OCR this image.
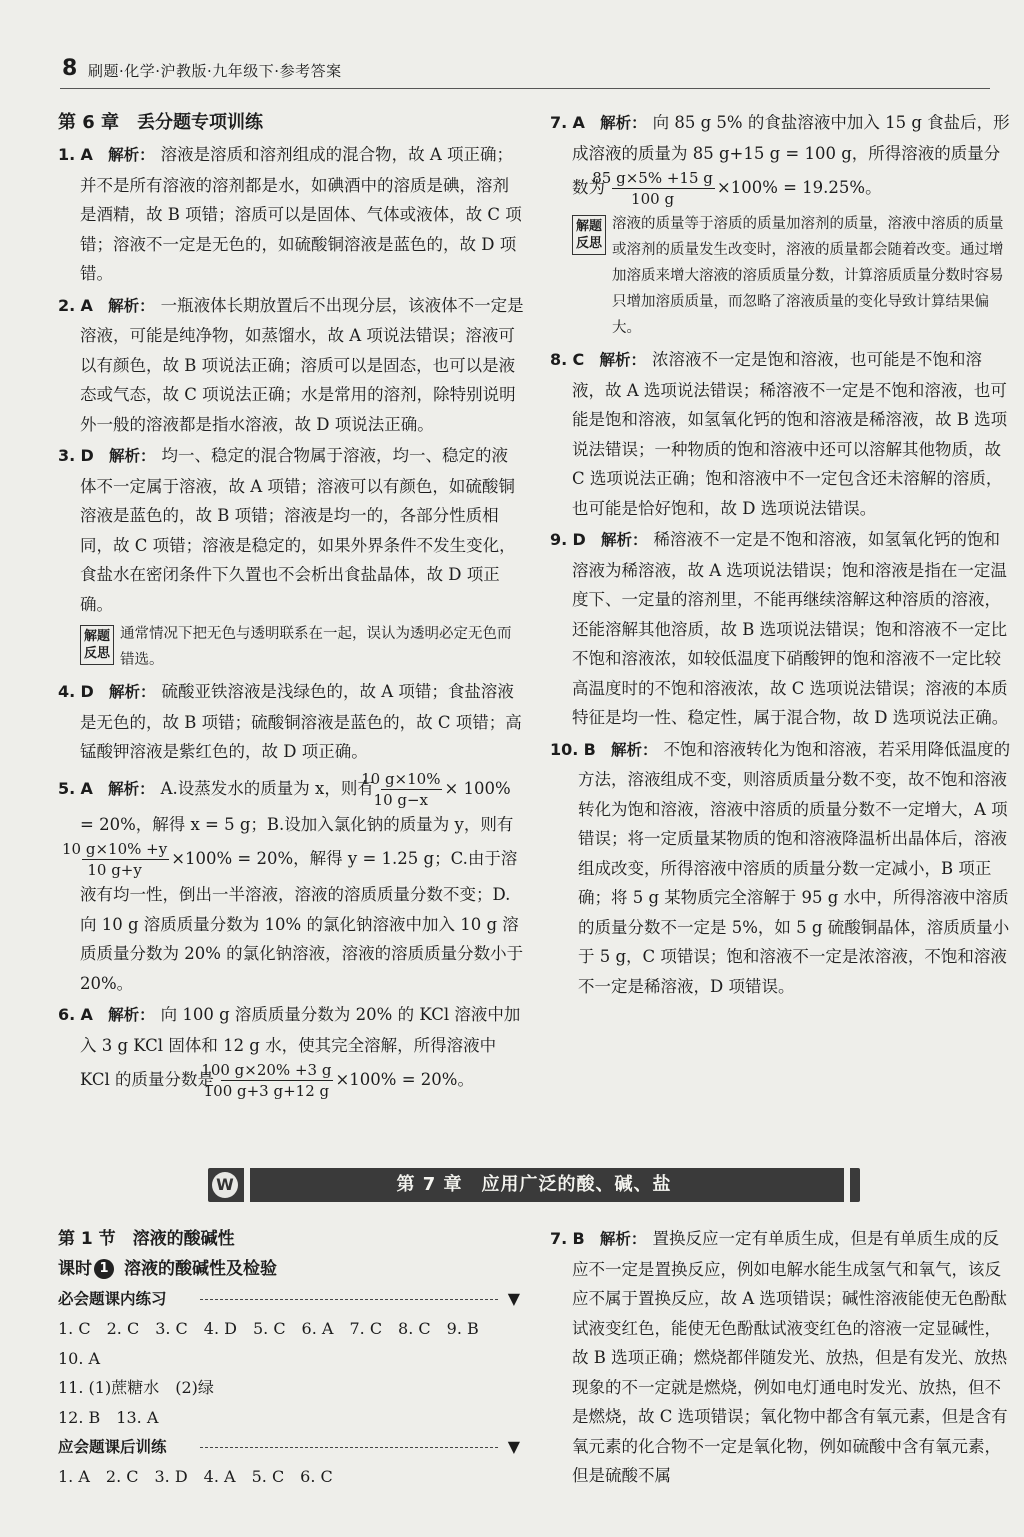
8 刷题·化学·沪教版·九年级下·参考答案
第 6 章　丢分题专项训练
1. A 解析： 溶液是溶质和溶剂组成的混合物，故 A 项正确；并不是所有溶液的溶剂都是水，如碘酒中的溶质是碘，溶剂是酒精，故 B 项错；溶质可以是固体、气体或液体，故 C 项错；溶液不一定是无色的，如硫酸铜溶液是蓝色的，故 D 项错。
2. A 解析： 一瓶液体长期放置后不出现分层，该液体不一定是溶液，可能是纯净物，如蒸馏水，故 A 项说法错误；溶液可以有颜色，故 B 项说法正确；溶质可以是固态，也可以是液态或气态，故 C 项说法正确；水是常用的溶剂，除特别说明外一般的溶液都是指水溶液，故 D 项说法正确。
3. D 解析： 均一、稳定的混合物属于溶液，均一、稳定的液体不一定属于溶液，故 A 项错；溶液可以有颜色，如硫酸铜溶液是蓝色的，故 B 项错；溶液是均一的，各部分性质相同，故 C 项错；溶液是稳定的，如果外界条件不发生变化，食盐水在密闭条件下久置也不会析出食盐晶体，故 D 项正确。
解题
反思
通常情况下把无色与透明联系在一起，误认为透明必定无色而错选。
4. D 解析： 硫酸亚铁溶液是浅绿色的，故 A 项错；食盐溶液是无色的，故 B 项错；硫酸铜溶液是蓝色的，故 C 项错；高锰酸钾溶液是紫红色的，故 D 项正确。
5. A 解析： A.设蒸发水的质量为 x，则有 $\frac{10 g\times 10\%}{10 g-x} \times 100\% = 20\%$，解得 x = 5 g；B.设加入氯化钠的质量为 y，则有
$\frac{10 g\times 10\% +y}{10 g+y} \times 100\% = 20\%$，解得 y = 1.25 g；C.由于溶液有均一性，倒出一半溶液，溶液的溶质质量分数不变；D.向 10 g 溶质质量分数为 10% 的氯化钠溶液中加入 10 g 溶质质量分数为 20% 的氯化钠溶液，溶液的溶质质量分数小于 20%。
6. A 解析： 向 100 g 溶质质量分数为 20% 的 KCl 溶液中加入 3 g KCl 固体和 12 g 水，使其完全溶解，所得溶液中 KCl 的质量分数是 $\frac{100 g\times 20\% +3 g}{100 g+3 g+12 g} \times 100\% = 20\%$。
7. A 解析： 向 85 g 5% 的食盐溶液中加入 15 g 食盐后，形成溶液的质量为 85 g+15 g = 100 g，所得溶液的质量分数为 $\frac{85 g\times 5\% +15 g}{100 g} \times 100\% = 19.25\%$。
解题
反思
溶液的质量等于溶质的质量加溶剂的质量，溶液中溶质的质量或溶剂的质量发生改变时，溶液的质量都会随着改变。通过增加溶质来增大溶液的溶质质量分数，计算溶质质量分数时容易只增加溶质质量，而忽略了溶液质量的变化导致计算结果偏大。
8. C 解析： 浓溶液不一定是饱和溶液，也可能是不饱和溶液，故 A 选项说法错误；稀溶液不一定是不饱和溶液，也可能是饱和溶液，如氢氧化钙的饱和溶液是稀溶液，故 B 选项说法错误；一种物质的饱和溶液中还可以溶解其他物质，故 C 选项说法正确；饱和溶液中不一定包含还未溶解的溶质，也可能是恰好饱和，故 D 选项说法错误。
9. D 解析： 稀溶液不一定是不饱和溶液，如氢氧化钙的饱和溶液为稀溶液，故 A 选项说法错误；饱和溶液是指在一定温度下、一定量的溶剂里，不能再继续溶解这种溶质的溶液，还能溶解其他溶质，故 B 选项说法错误；饱和溶液不一定比不饱和溶液浓，如较低温度下硝酸钾的饱和溶液不一定比较高温度时的不饱和溶液浓，故 C 选项说法错误；溶液的本质特征是均一性、稳定性，属于混合物，故 D 选项说法正确。
10. B 解析： 不饱和溶液转化为饱和溶液，若采用降低温度的方法，溶液组成不变，则溶质质量分数不变，故不饱和溶液转化为饱和溶液，溶液中溶质的质量分数不一定增大，A 项错误；将一定质量某物质的饱和溶液降温析出晶体后，溶液组成改变，所得溶液中溶质的质量分数一定减小，B 项正确；将 5 g 某物质完全溶解于 95 g 水中，所得溶液中溶质的质量分数不一定是 5%，如 5 g 硫酸铜晶体，溶质质量小于 5 g，C 项错误；饱和溶液不一定是浓溶液，不饱和溶液不一定是稀溶液，D 项错误。
W	第 7 章　应用广泛的酸、碱、盐
第 1 节　溶液的酸碱性
课时 1 溶液的酸碱性及检验
必会题课内练习	▼
1. C　2. C　3. C　4. D　5. C　6. A　7. C　8. C　9. B
10. A
11. (1)蔗糖水　(2)绿
12. B　13. A
应会题课后训练	▼
1. A　2. C　3. D　4. A　5. C　6. C
7. B 解析： 置换反应一定有单质生成，但是有单质生成的反应不一定是置换反应，例如电解水能生成氢气和氧气，该反应不属于置换反应，故 A 选项错误；碱性溶液能使无色酚酞试液变红色，能使无色酚酞试液变红色的溶液一定显碱性，故 B 选项正确；燃烧都伴随发光、放热，但是有发光、放热现象的不一定就是燃烧，例如电灯通电时发光、放热，但不是燃烧，故 C 选项错误；氧化物中都含有氧元素，但是含有氧元素的化合物不一定是氧化物，例如硫酸中含有氧元素，但是硫酸不属
